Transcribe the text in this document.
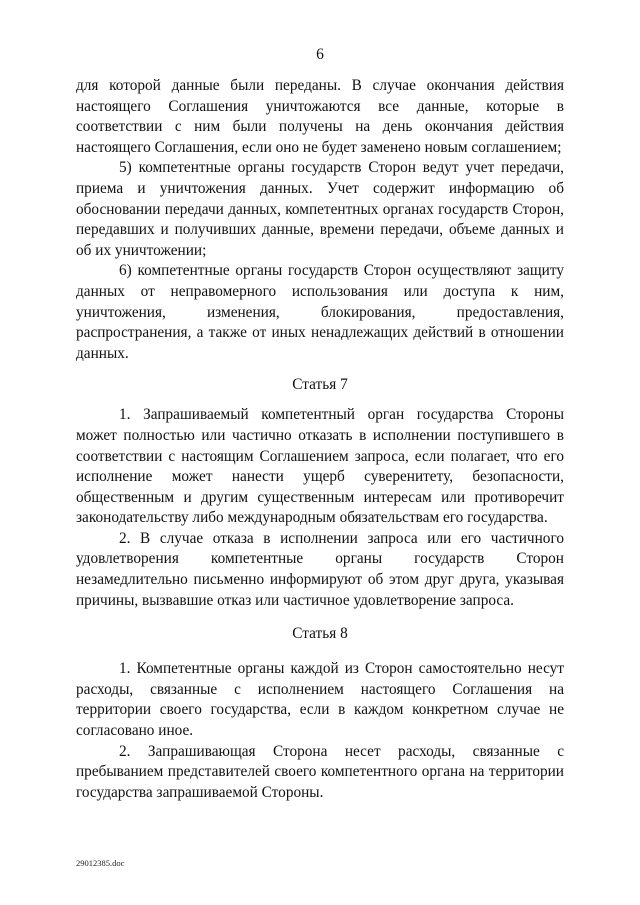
6

для которой данные были переданы. В случае окончания действия настоящего Соглашения уничтожаются все данные, которые в соответствии с ним были получены на день окончания действия настоящего Соглашения, если оно не будет заменено новым соглашением;

5) компетентные органы государств Сторон ведут учет передачи, приема и уничтожения данных. Учет содержит информацию об обосновании передачи данных, компетентных органах государств Сторон, передавших и получивших данные, времени передачи, объеме данных и об их уничтожении;

6) компетентные органы государств Сторон осуществляют защиту данных от неправомерного использования или доступа к ним, уничтожения, изменения, блокирования, предоставления, распространения, а также от иных ненадлежащих действий в отношении данных.

Статья 7

1. Запрашиваемый компетентный орган государства Стороны может полностью или частично отказать в исполнении поступившего в соответствии с настоящим Соглашением запроса, если полагает, что его исполнение может нанести ущерб суверенитету, безопасности, общественным и другим существенным интересам или противоречит законодательству либо международным обязательствам его государства.

2. В случае отказа в исполнении запроса или его частичного удовлетворения компетентные органы государств Сторон незамедлительно письменно информируют об этом друг друга, указывая причины, вызвавшие отказ или частичное удовлетворение запроса.

Статья 8

1. Компетентные органы каждой из Сторон самостоятельно несут расходы, связанные с исполнением настоящего Соглашения на территории своего государства, если в каждом конкретном случае не согласовано иное.

2. Запрашивающая Сторона несет расходы, связанные с пребыванием представителей своего компетентного органа на территории государства запрашиваемой Стороны.

29012385.doc
